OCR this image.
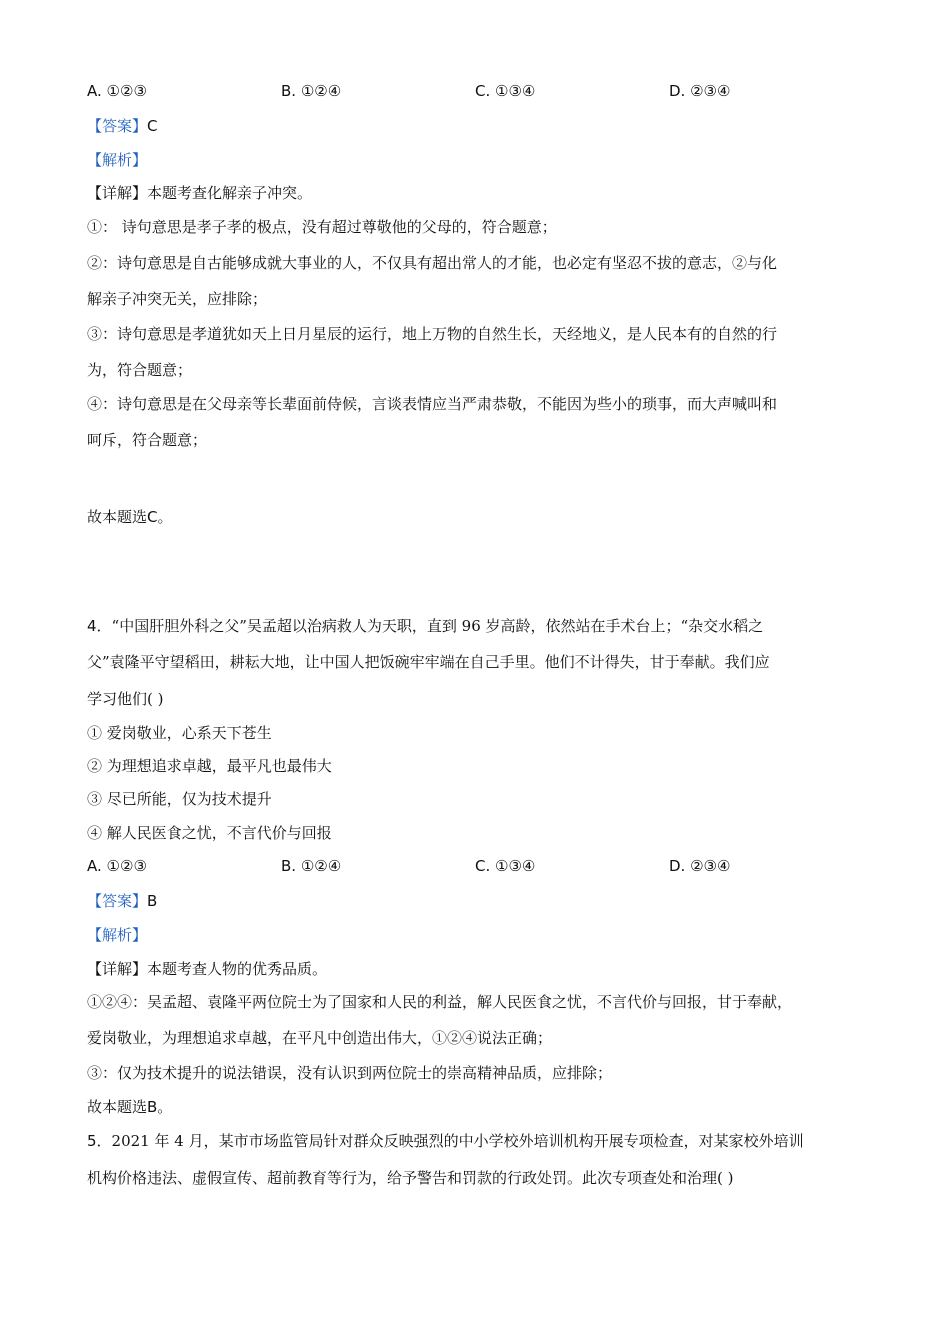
A. ①②③	B. ①②④	C. ①③④	D. ②③④
【答案】C
【解析】
【详解】本题考查化解亲子冲突。
①： 诗句意思是孝子孝的极点，没有超过尊敬他的父母的，符合题意；
②：诗句意思是自古能够成就大事业的人，不仅具有超出常人的才能，也必定有坚忍不拔的意志，②与化
解亲子冲突无关，应排除；
③：诗句意思是孝道犹如天上日月星辰的运行，地上万物的自然生长，天经地义，是人民本有的自然的行
为，符合题意；
④：诗句意思是在父母亲等长辈面前侍候，言谈表情应当严肃恭敬，不能因为些小的琐事，而大声喊叫和
呵斥，符合题意；
故本题选C。
4．“中国肝胆外科之父”吴孟超以治病救人为天职，直到 96 岁高龄，依然站在手术台上；“杂交水稻之
父”袁隆平守望稻田，耕耘大地，让中国人把饭碗牢牢端在自己手里。他们不计得失，甘于奉献。我们应
学习他们( )
① 爱岗敬业，心系天下苍生
② 为理想追求卓越，最平凡也最伟大
③ 尽已所能，仅为技术提升
④ 解人民医食之忧，不言代价与回报
A. ①②③	B. ①②④	C. ①③④	D. ②③④
【答案】B
【解析】
【详解】本题考查人物的优秀品质。
①②④：吴孟超、袁隆平两位院士为了国家和人民的利益，解人民医食之忧，不言代价与回报，甘于奉献，
爱岗敬业，为理想追求卓越，在平凡中创造出伟大，①②④说法正确；
③：仅为技术提升的说法错误，没有认识到两位院士的崇高精神品质，应排除；
故本题选B。
5．2021 年 4 月，某市市场监管局针对群众反映强烈的中小学校外培训机构开展专项检查，对某家校外培训
机构价格违法、虚假宣传、超前教育等行为，给予警告和罚款的行政处罚。此次专项查处和治理( )
